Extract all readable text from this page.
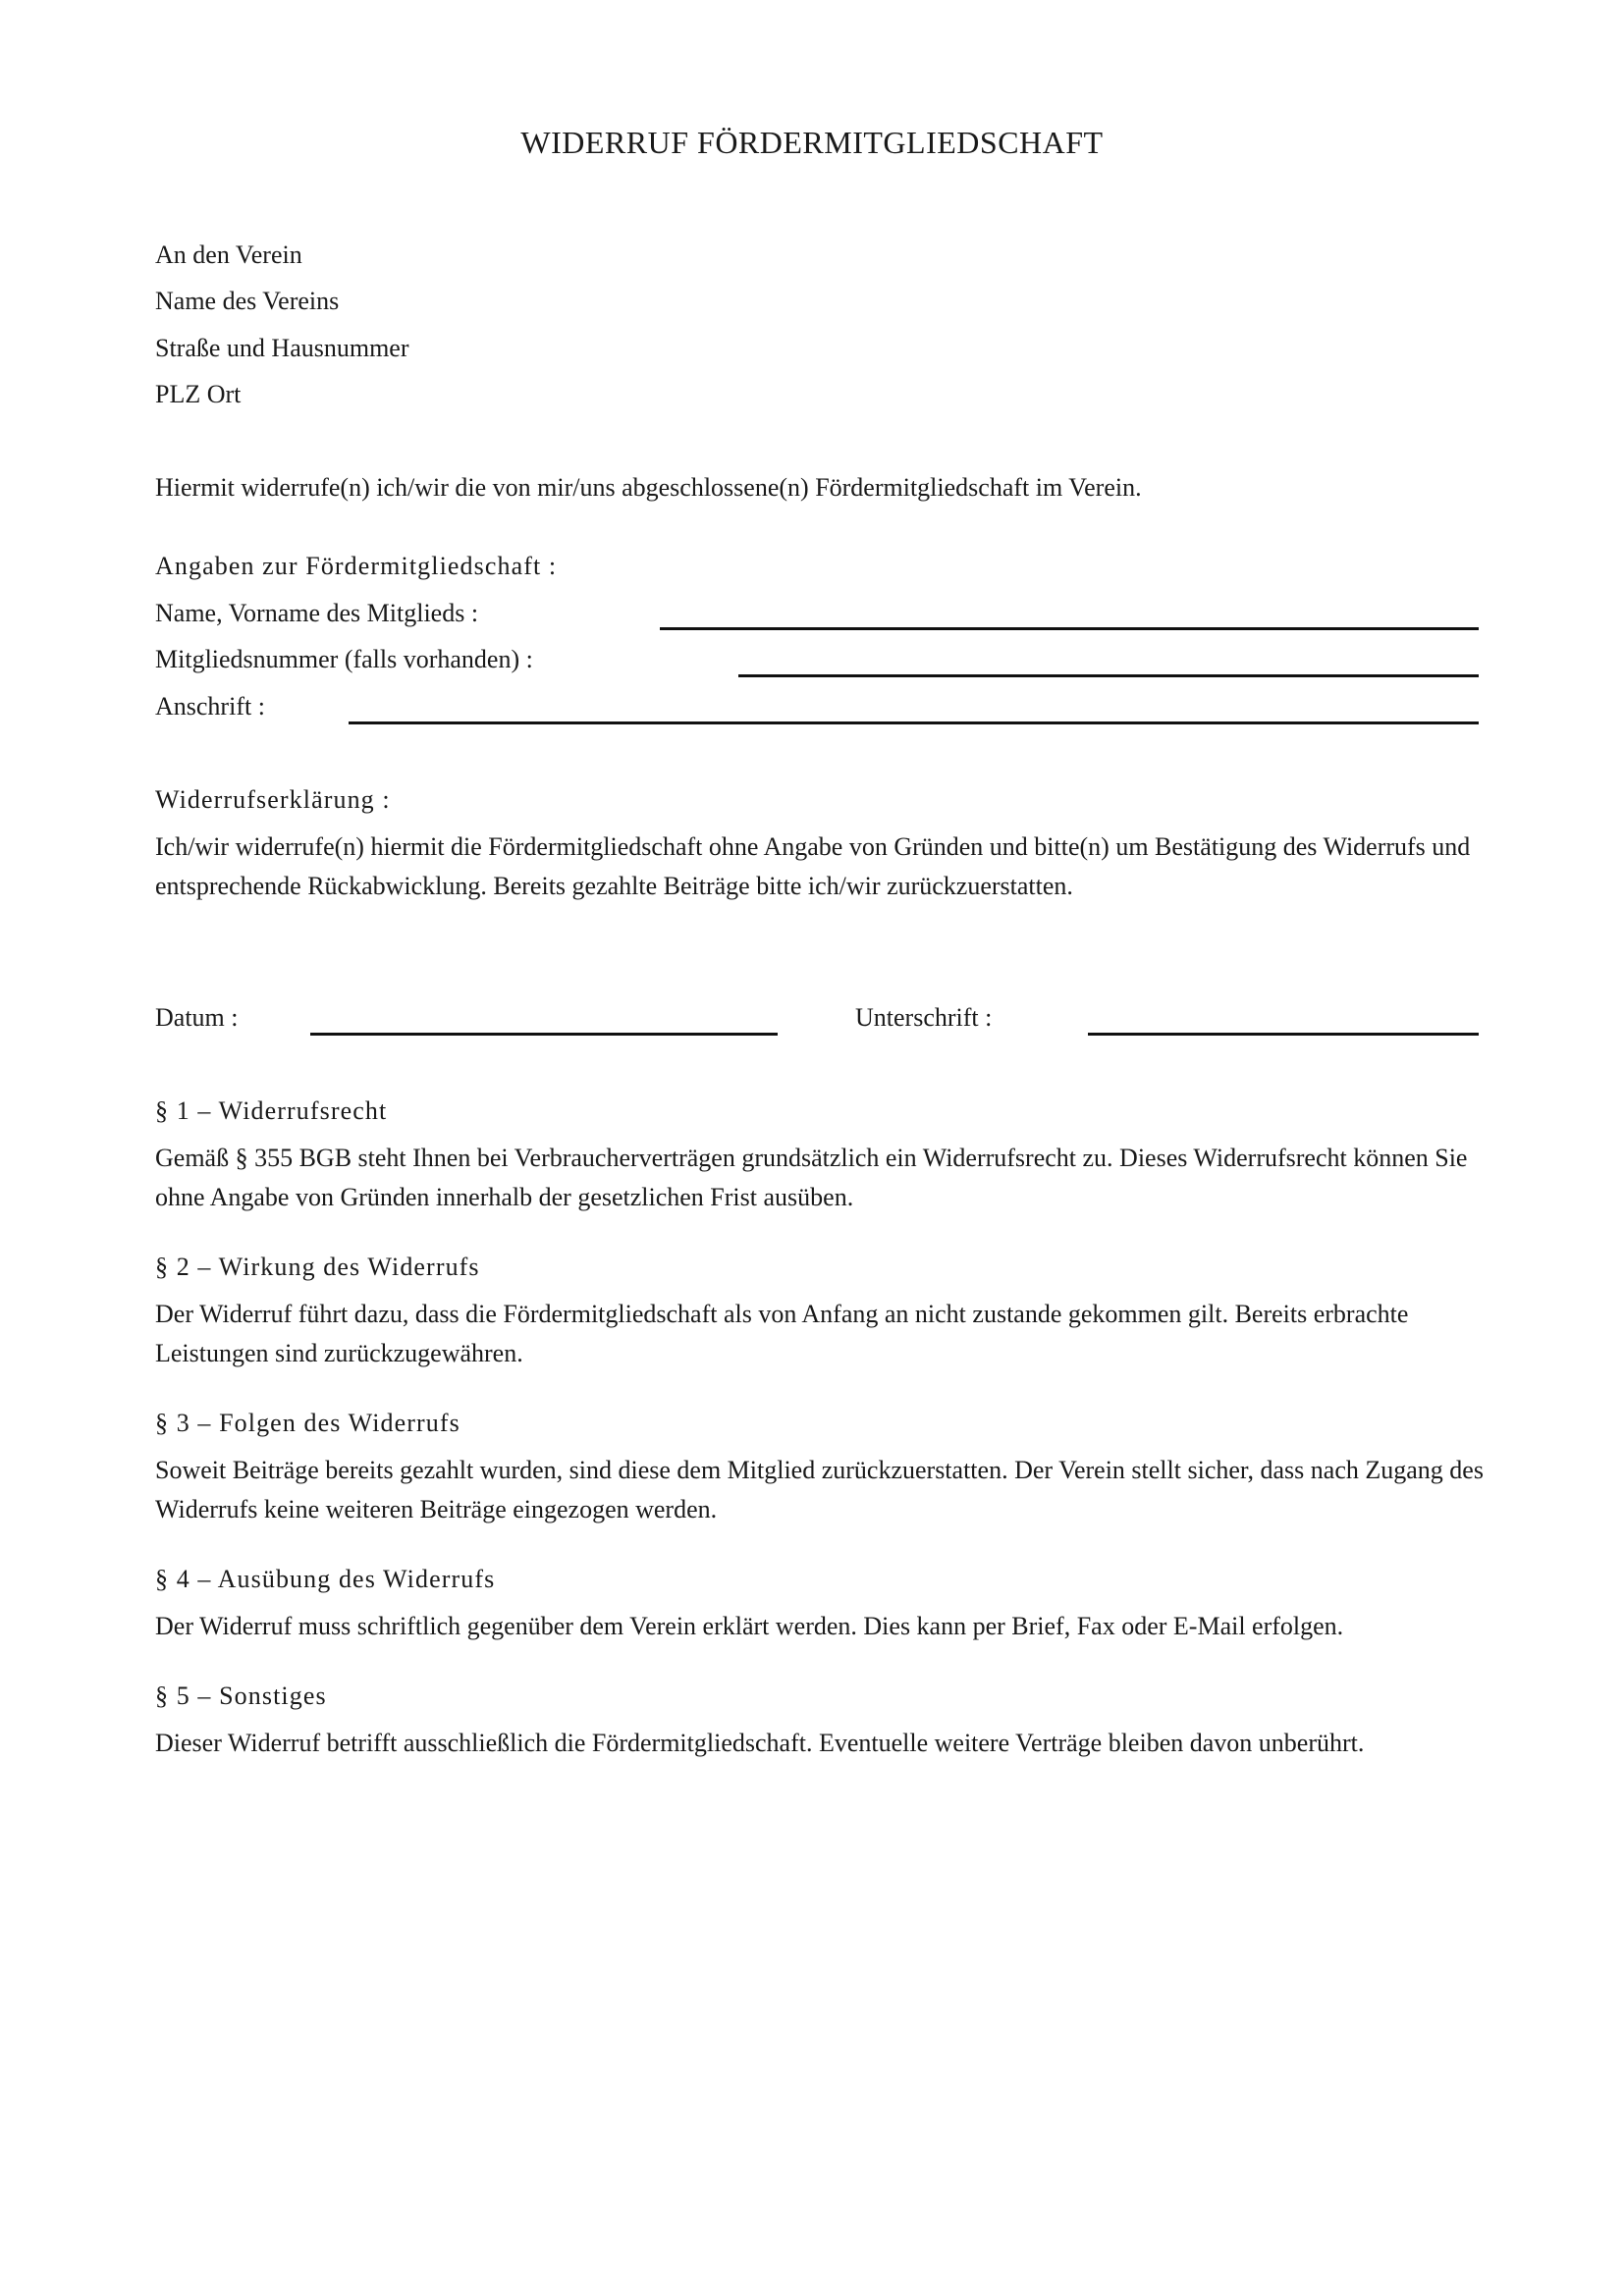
WIDERRUF FÖRDERMITGLIEDSCHAFT
An den Verein
Name des Vereins
Straße und Hausnummer
PLZ Ort
Hiermit widerrufe(n) ich/wir die von mir/uns abgeschlossene(n) Fördermitgliedschaft im Verein.
Angaben zur Fördermitgliedschaft :
Name, Vorname des Mitglieds :
Mitgliedsnummer (falls vorhanden) :
Anschrift :
Widerrufserklärung :
Ich/wir widerrufe(n) hiermit die Fördermitgliedschaft ohne Angabe von Gründen und bitte(n) um Bestätigung des Widerrufs und entsprechende Rückabwicklung. Bereits gezahlte Beiträge bitte ich/wir zurückzuerstatten.
Datum :	Unterschrift :
§ 1 – Widerrufsrecht
Gemäß § 355 BGB steht Ihnen bei Verbraucherverträgen grundsätzlich ein Widerrufsrecht zu. Dieses Widerrufsrecht können Sie ohne Angabe von Gründen innerhalb der gesetzlichen Frist ausüben.
§ 2 – Wirkung des Widerrufs
Der Widerruf führt dazu, dass die Fördermitgliedschaft als von Anfang an nicht zustande gekommen gilt. Bereits erbrachte Leistungen sind zurückzugewähren.
§ 3 – Folgen des Widerrufs
Soweit Beiträge bereits gezahlt wurden, sind diese dem Mitglied zurückzuerstatten. Der Verein stellt sicher, dass nach Zugang des Widerrufs keine weiteren Beiträge eingezogen werden.
§ 4 – Ausübung des Widerrufs
Der Widerruf muss schriftlich gegenüber dem Verein erklärt werden. Dies kann per Brief, Fax oder E-Mail erfolgen.
§ 5 – Sonstiges
Dieser Widerruf betrifft ausschließlich die Fördermitgliedschaft. Eventuelle weitere Verträge bleiben davon unberührt.
